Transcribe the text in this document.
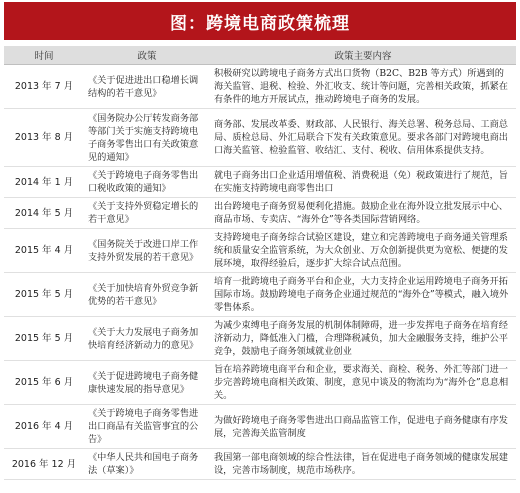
图：跨境电商政策梳理
时间	政策	政策主要内容
2013 年 7 月	《关于促进进出口稳增长调结构的若干意见》	积极研究以跨境电子商务方式出口货物（B2C、B2B 等方式）所遇到的海关监管、退税、检验、外汇收支、统计等问题，完善相关政策，抓紧在有条件的地方开展试点，推动跨境电子商务的发展。
2013 年 8 月	《国务院办公厅转发商务部等部门关于实施支持跨境电子商务零售出口有关政策意见的通知》	商务部、发展改革委、财政部、人民银行、海关总署、税务总局、工商总局、质检总局、外汇局联合下发有关政策意见。要求各部门对跨境电商出口海关监管、检验监管、收结汇、支付、税收、信用体系提供支持。
2014 年 1 月	《关于跨境电子商务零售出口税收政策的通知》	就电子商务出口企业适用增值税、消费税退（免）税政策进行了规范，旨在实施支持跨境电商零售出口
2014 年 5 月	《关于支持外贸稳定增长的若干意见》	出台跨境电子商务贸易便利化措施。鼓励企业在海外设立批发展示中心、商品市场、专卖店、“海外仓”等各类国际营销网络。
2015 年 4 月	《国务院关于改进口岸工作支持外贸发展的若干意见》	支持跨境电子商务综合试验区建设，建立和完善跨境电子商务通关管理系统和质量安全监管系统，为大众创业、万众创新提供更为宽松、便捷的发展环境，取得经验后，逐步扩大综合试点范围。
2015 年 5 月	《关于加快培育外贸竞争新优势的若干意见》	培育一批跨境电子商务平台和企业，大力支持企业运用跨境电子商务开拓国际市场。鼓励跨境电子商务企业通过规范的“海外仓”等模式，融入境外零售体系。
2015 年 5 月	《关于大力发展电子商务加快培育经济新动力的意见》	为减少束缚电子商务发展的机制体制障碍，进一步发挥电子商务在培育经济新动力，降低准入门槛，合理降税减负，加大金融服务支持，维护公平竞争，鼓励电子商务领域就业创业
2015 年 6 月	《关于促进跨境电子商务健康快速发展的指导意见》	旨在培养跨境电商平台和企业，要求海关、商检、税务、外汇等部门进一步完善跨境电商相关政策、制度，意见中谈及的物流均为“海外仓”息息相关。
2016 年 4 月	《关于跨境电子商务零售进出口商品有关监管事宜的公告》	为做好跨境电子商务零售进出口商品监管工作，促进电子商务健康有序发展，完善海关监管制度
2016 年 12 月	《中华人民共和国电子商务法（草案）》	我国第一部电商领域的综合性法律，旨在促进电子商务领域的健康发展建设，完善市场制度，规范市场秩序。
